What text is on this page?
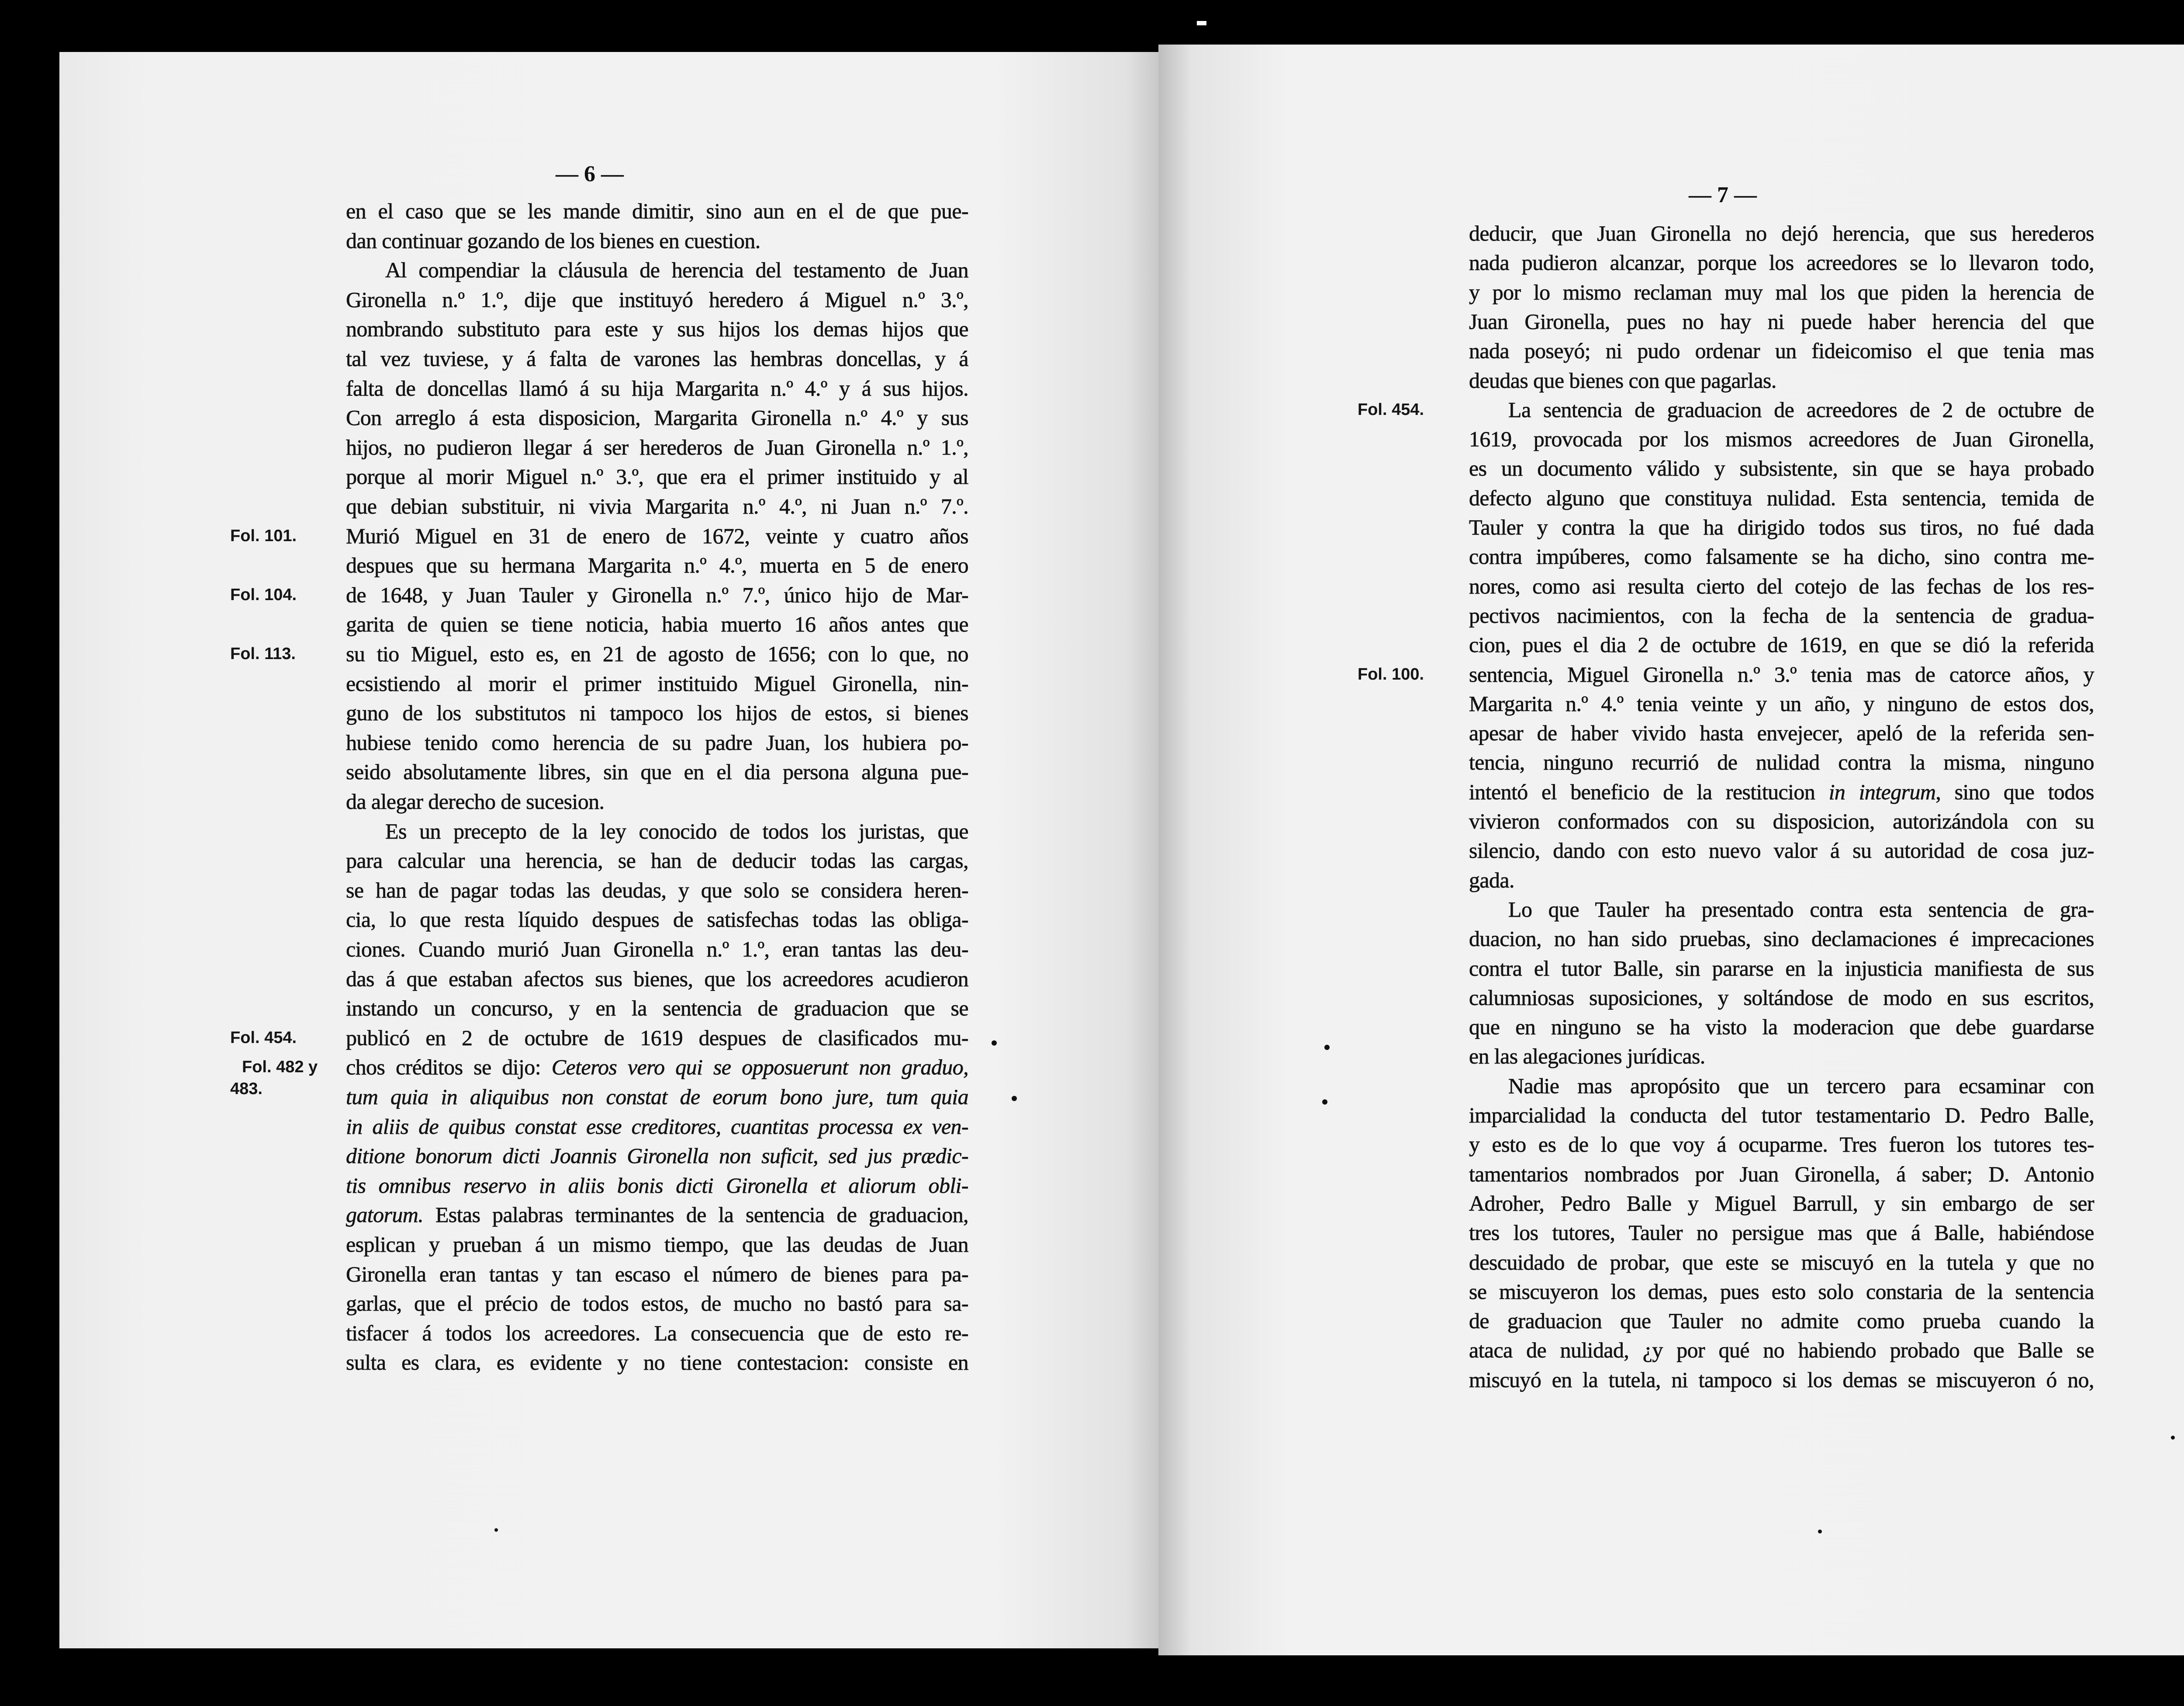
— 6 —
en el caso que se les mande dimitir, sino aun en el de que pue-
dan continuar gozando de los bienes en cuestion.
Al compendiar la cláusula de herencia del testamento de Juan
Gironella n.º 1.º, dije que instituyó heredero á Miguel n.º 3.º,
nombrando substituto para este y sus hijos los demas hijos que
tal vez tuviese, y á falta de varones las hembras doncellas, y á
falta de doncellas llamó á su hija Margarita n.º 4.º y á sus hijos.
Con arreglo á esta disposicion, Margarita Gironella n.º 4.º y sus
hijos, no pudieron llegar á ser herederos de Juan Gironella n.º 1.º,
porque al morir Miguel n.º 3.º, que era el primer instituido y al
que debian substituir, ni vivia Margarita n.º 4.º, ni Juan n.º 7.º.
Murió Miguel en 31 de enero de 1672, veinte y cuatro años
Fol. 101.
despues que su hermana Margarita n.º 4.º, muerta en 5 de enero
de 1648, y Juan Tauler y Gironella n.º 7.º, único hijo de Mar-
Fol. 104.
garita de quien se tiene noticia, habia muerto 16 años antes que
su tio Miguel, esto es, en 21 de agosto de 1656; con lo que, no
Fol. 113.
ecsistiendo al morir el primer instituido Miguel Gironella, nin-
guno de los substitutos ni tampoco los hijos de estos, si bienes
hubiese tenido como herencia de su padre Juan, los hubiera po-
seido absolutamente libres, sin que en el dia persona alguna pue-
da alegar derecho de sucesion.
Es un precepto de la ley conocido de todos los juristas, que
para calcular una herencia, se han de deducir todas las cargas,
se han de pagar todas las deudas, y que solo se considera heren-
cia, lo que resta líquido despues de satisfechas todas las obliga-
ciones. Cuando murió Juan Gironella n.º 1.º, eran tantas las deu-
das á que estaban afectos sus bienes, que los acreedores acudieron
instando un concurso, y en la sentencia de graduacion que se
publicó en 2 de octubre de 1619 despues de clasificados mu-
Fol. 454.
chos créditos se dijo: Ceteros vero qui se opposuerunt non graduo,
Fol. 482 y
483.	tum quia in aliquibus non constat de eorum bono jure, tum quia
in aliis de quibus constat esse creditores, cuantitas processa ex ven-
ditione bonorum dicti Joannis Gironella non suficit, sed jus prædic-
tis omnibus reservo in aliis bonis dicti Gironella et aliorum obli-
gatorum. Estas palabras terminantes de la sentencia de graduacion,
esplican y prueban á un mismo tiempo, que las deudas de Juan
Gironella eran tantas y tan escaso el número de bienes para pa-
garlas, que el précio de todos estos, de mucho no bastó para sa-
tisfacer á todos los acreedores. La consecuencia que de esto re-
sulta es clara, es evidente y no tiene contestacion: consiste en
— 7 —
deducir, que Juan Gironella no dejó herencia, que sus herederos
nada pudieron alcanzar, porque los acreedores se lo llevaron todo,
y por lo mismo reclaman muy mal los que piden la herencia de
Juan Gironella, pues no hay ni puede haber herencia del que
nada poseyó; ni pudo ordenar un fideicomiso el que tenia mas
deudas que bienes con que pagarlas.
La sentencia de graduacion de acreedores de 2 de octubre de
Fol. 454.
1619, provocada por los mismos acreedores de Juan Gironella,
es un documento válido y subsistente, sin que se haya probado
defecto alguno que constituya nulidad. Esta sentencia, temida de
Tauler y contra la que ha dirigido todos sus tiros, no fué dada
contra impúberes, como falsamente se ha dicho, sino contra me-
nores, como asi resulta cierto del cotejo de las fechas de los res-
pectivos nacimientos, con la fecha de la sentencia de gradua-
cion, pues el dia 2 de octubre de 1619, en que se dió la referida
sentencia, Miguel Gironella n.º 3.º tenia mas de catorce años, y
Fol. 100.
Margarita n.º 4.º tenia veinte y un año, y ninguno de estos dos,
apesar de haber vivido hasta envejecer, apeló de la referida sen-
tencia, ninguno recurrió de nulidad contra la misma, ninguno
intentó el beneficio de la restitucion in integrum, sino que todos
vivieron conformados con su disposicion, autorizándola con su
silencio, dando con esto nuevo valor á su autoridad de cosa juz-
gada.
Lo que Tauler ha presentado contra esta sentencia de gra-
duacion, no han sido pruebas, sino declamaciones é imprecaciones
contra el tutor Balle, sin pararse en la injusticia manifiesta de sus
calumniosas suposiciones, y soltándose de modo en sus escritos,
que en ninguno se ha visto la moderacion que debe guardarse
en las alegaciones jurídicas.
Nadie mas apropósito que un tercero para ecsaminar con
imparcialidad la conducta del tutor testamentario D. Pedro Balle,
y esto es de lo que voy á ocuparme. Tres fueron los tutores tes-
tamentarios nombrados por Juan Gironella, á saber; D. Antonio
Adroher, Pedro Balle y Miguel Barrull, y sin embargo de ser
tres los tutores, Tauler no persigue mas que á Balle, habiéndose
descuidado de probar, que este se miscuyó en la tutela y que no
se miscuyeron los demas, pues esto solo constaria de la sentencia
de graduacion que Tauler no admite como prueba cuando la
ataca de nulidad, ¿y por qué no habiendo probado que Balle se
miscuyó en la tutela, ni tampoco si los demas se miscuyeron ó no,
